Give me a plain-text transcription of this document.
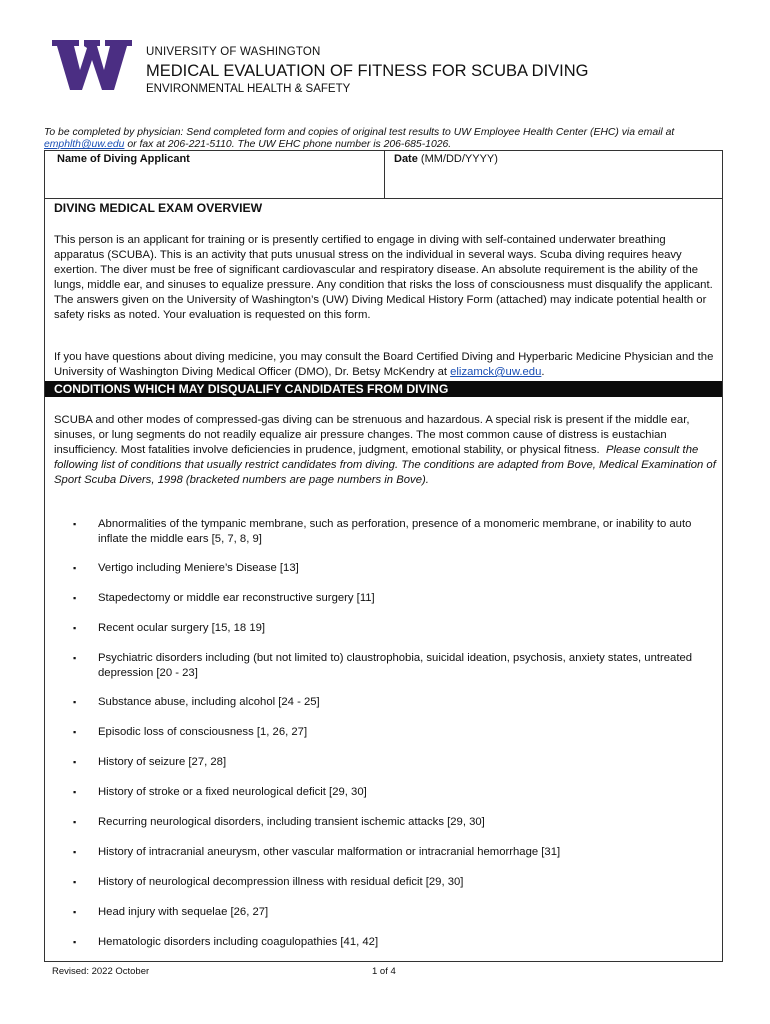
UNIVERSITY OF WASHINGTON
MEDICAL EVALUATION OF FITNESS FOR SCUBA DIVING
ENVIRONMENTAL HEALTH & SAFETY
To be completed by physician: Send completed form and copies of original test results to UW Employee Health Center (EHC) via email at emphlth@uw.edu or fax at 206-221-5110. The UW EHC phone number is 206-685-1026.
Name of Diving Applicant	Date (MM/DD/YYYY)
DIVING MEDICAL EXAM OVERVIEW
This person is an applicant for training or is presently certified to engage in diving with self-contained underwater breathing apparatus (SCUBA). This is an activity that puts unusual stress on the individual in several ways. Scuba diving requires heavy exertion. The diver must be free of significant cardiovascular and respiratory disease. An absolute requirement is the ability of the lungs, middle ear, and sinuses to equalize pressure. Any condition that risks the loss of consciousness must disqualify the applicant. The answers given on the University of Washington’s (UW) Diving Medical History Form (attached) may indicate potential health or safety risks as noted. Your evaluation is requested on this form.
If you have questions about diving medicine, you may consult the Board Certified Diving and Hyperbaric Medicine Physician and the University of Washington Diving Medical Officer (DMO), Dr. Betsy McKendry at elizamck@uw.edu.
CONDITIONS WHICH MAY DISQUALIFY CANDIDATES FROM DIVING
SCUBA and other modes of compressed-gas diving can be strenuous and hazardous. A special risk is present if the middle ear, sinuses, or lung segments do not readily equalize air pressure changes. The most common cause of distress is eustachian insufficiency. Most fatalities involve deficiencies in prudence, judgment, emotional stability, or physical fitness. Please consult the following list of conditions that usually restrict candidates from diving. The conditions are adapted from Bove, Medical Examination of Sport Scuba Divers, 1998 (bracketed numbers are page numbers in Bove).
▪ Abnormalities of the tympanic membrane, such as perforation, presence of a monomeric membrane, or inability to auto inflate the middle ears [5, 7, 8, 9]
▪ Vertigo including Meniere’s Disease [13]
▪ Stapedectomy or middle ear reconstructive surgery [11]
▪ Recent ocular surgery [15, 18 19]
▪ Psychiatric disorders including (but not limited to) claustrophobia, suicidal ideation, psychosis, anxiety states, untreated depression [20 - 23]
▪ Substance abuse, including alcohol [24 - 25]
▪ Episodic loss of consciousness [1, 26, 27]
▪ History of seizure [27, 28]
▪ History of stroke or a fixed neurological deficit [29, 30]
▪ Recurring neurological disorders, including transient ischemic attacks [29, 30]
▪ History of intracranial aneurysm, other vascular malformation or intracranial hemorrhage [31]
▪ History of neurological decompression illness with residual deficit [29, 30]
▪ Head injury with sequelae [26, 27]
▪ Hematologic disorders including coagulopathies [41, 42]
Revised: 2022 October	1 of 4
